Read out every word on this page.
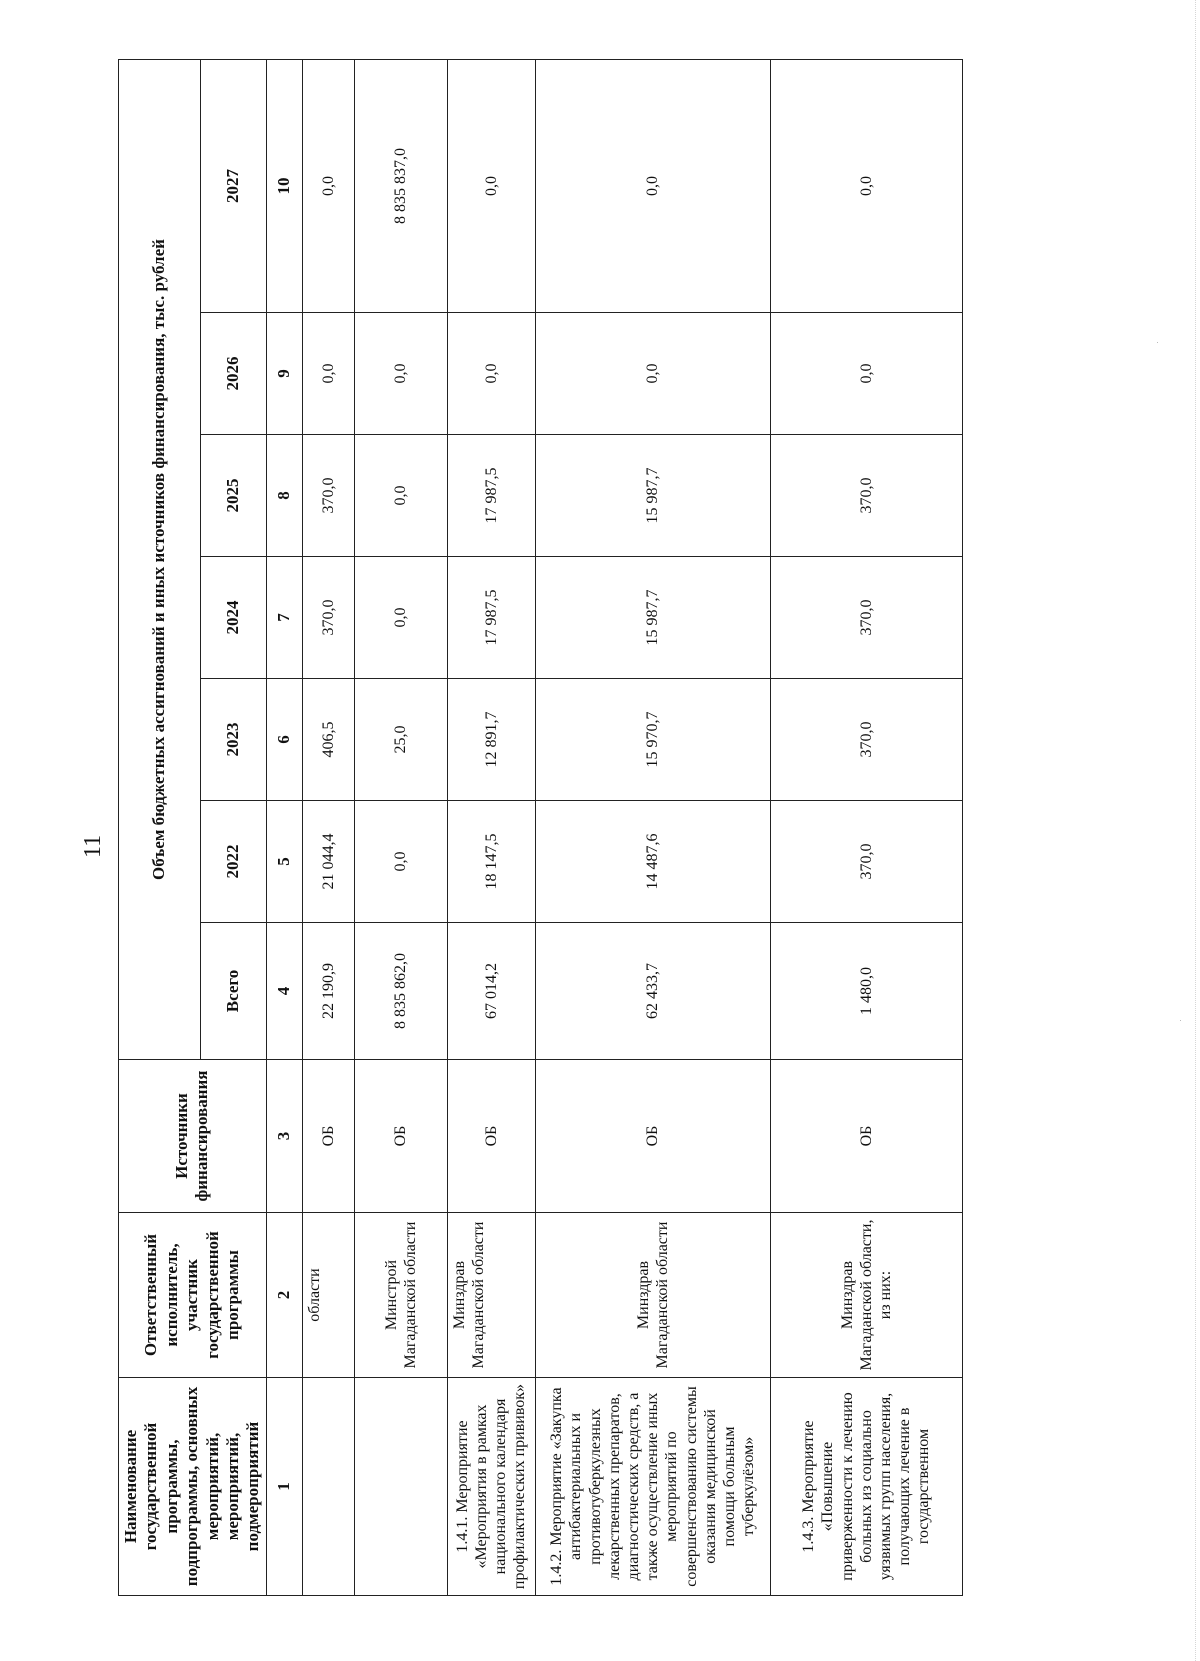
11
Наименование государственной программы, подпрограммы, основных мероприятий, мероприятий, подмероприятий	Ответственный исполнитель, участник государственной программы	Источники финансирования	Объем бюджетных ассигнований и иных источников финансирования, тыс. рублей						
			Всего	2022	2023	2024	2025	2026	2027
1	2	3	4	5	6	7	8	9	10
	области	ОБ	22 190,9	21 044,4	406,5	370,0	370,0	0,0	0,0
	Минстрой Магаданской области	ОБ	8 835 862,0	0,0	25,0	0,0	0,0	0,0	8 835 837,0
1.4.1. Мероприятие «Мероприятия в рамках национального календаря профилактических прививок»	Минздрав Магаданской области	ОБ	67 014,2	18 147,5	12 891,7	17 987,5	17 987,5	0,0	0,0
1.4.2. Мероприятие «Закупка антибактериальных и противотуберкулезных лекарственных препаратов, диагностических средств, а также осуществление иных мероприятий по совершенствованию системы оказания медицинской помощи больным туберкулёзом»	Минздрав Магаданской области	ОБ	62 433,7	14 487,6	15 970,7	15 987,7	15 987,7	0,0	0,0
1.4.3. Мероприятие «Повышение приверженности к лечению больных из социально уязвимых групп населения, получающих лечение в государственном	Минздрав Магаданской области, из них:	ОБ	1 480,0	370,0	370,0	370,0	370,0	0,0	0,0
